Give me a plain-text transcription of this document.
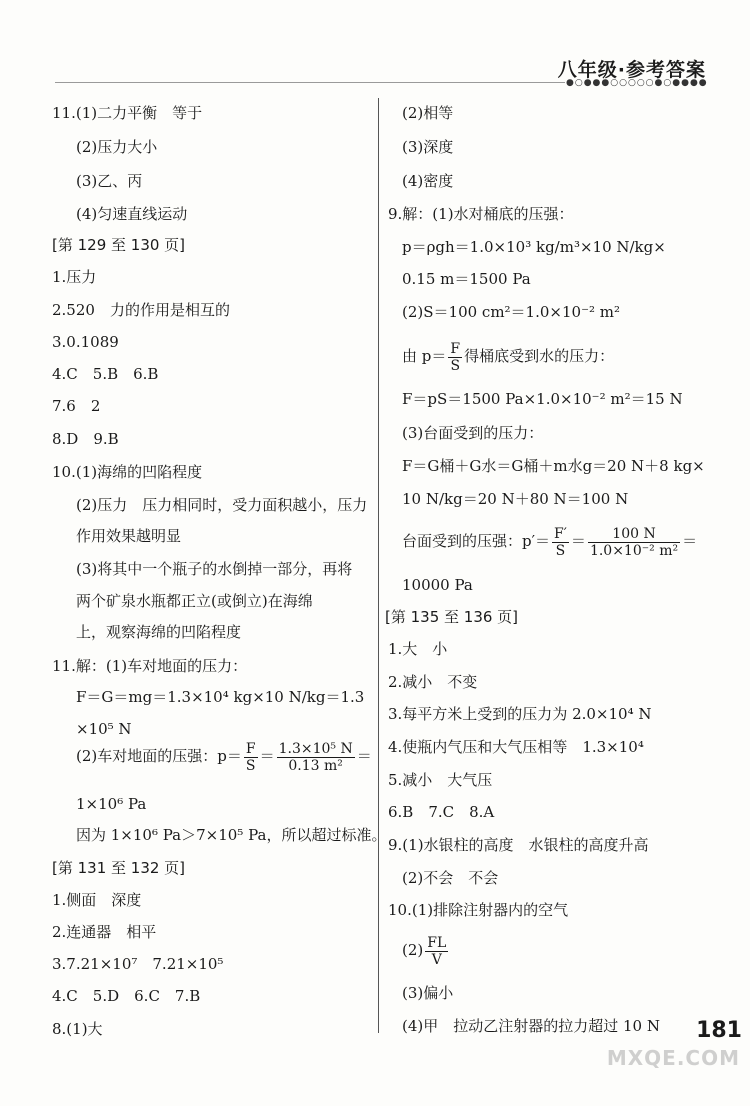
八年级·参考答案
●○●●●○○○○○●○●●●●
11.(1)二力平衡　等于
(2)压力大小
(3)乙、丙
(4)匀速直线运动
[第 129 至 130 页]
1.压力
2.520　力的作用是相互的
3.0.1089
4.C　5.B　6.B
7.6　2
8.D　9.B
10.(1)海绵的凹陷程度
(2)压力　压力相同时，受力面积越小，压力
作用效果越明显
(3)将其中一个瓶子的水倒掉一部分，再将
两个矿泉水瓶都正立(或倒立)在海绵
上，观察海绵的凹陷程度
11.解：(1)车对地面的压力：
F＝G＝mg＝1.3×10⁴ kg×10 N/kg＝1.3
×10⁵ N
(2)车对地面的压强：$p= \frac{F}{S} = \frac{\text{1.3×10⁵ N}}{\text{0.13 m²}}$ ＝
1×10⁶ Pa
因为 1×10⁶ Pa＞7×10⁵ Pa，所以超过标准。
[第 131 至 132 页]
1.侧面　深度
2.连通器　相平
3.7.21×10⁷　7.21×10⁵
4.C　5.D　6.C　7.B
8.(1)大
(2)相等
(3)深度
(4)密度
9.解：(1)水对桶底的压强：
p＝ρgh＝1.0×10³ kg/m³×10 N/kg×
0.15 m＝1500 Pa
(2)S＝100 cm²＝1.0×10⁻² m²
由 $p= \frac{F}{S}$ 得桶底受到水的压力：
F＝pS＝1500 Pa×1.0×10⁻² m²＝15 N
(3)台面受到的压力：
F＝G桶＋G水＝G桶＋m水g＝20 N＋8 kg×
10 N/kg＝20 N＋80 N＝100 N
台面受到的压强：$p'= \frac{F'}{S} = \frac{100 N}{\text{1.0×10⁻² m²}}$ ＝
10000 Pa
[第 135 至 136 页]
1.大　小
2.减小　不变
3.每平方米上受到的压力为 2.0×10⁴ N
4.使瓶内气压和大气压相等　1.3×10⁴
5.减小　大气压
6.B　7.C　8.A
9.(1)水银柱的高度　水银柱的高度升高
(2)不会　不会
10.(1)排除注射器内的空气
$(2) \frac{FL}{V}$
(3)偏小
(4)甲　拉动乙注射器的拉力超过 10 N 181
MXQE.COM
